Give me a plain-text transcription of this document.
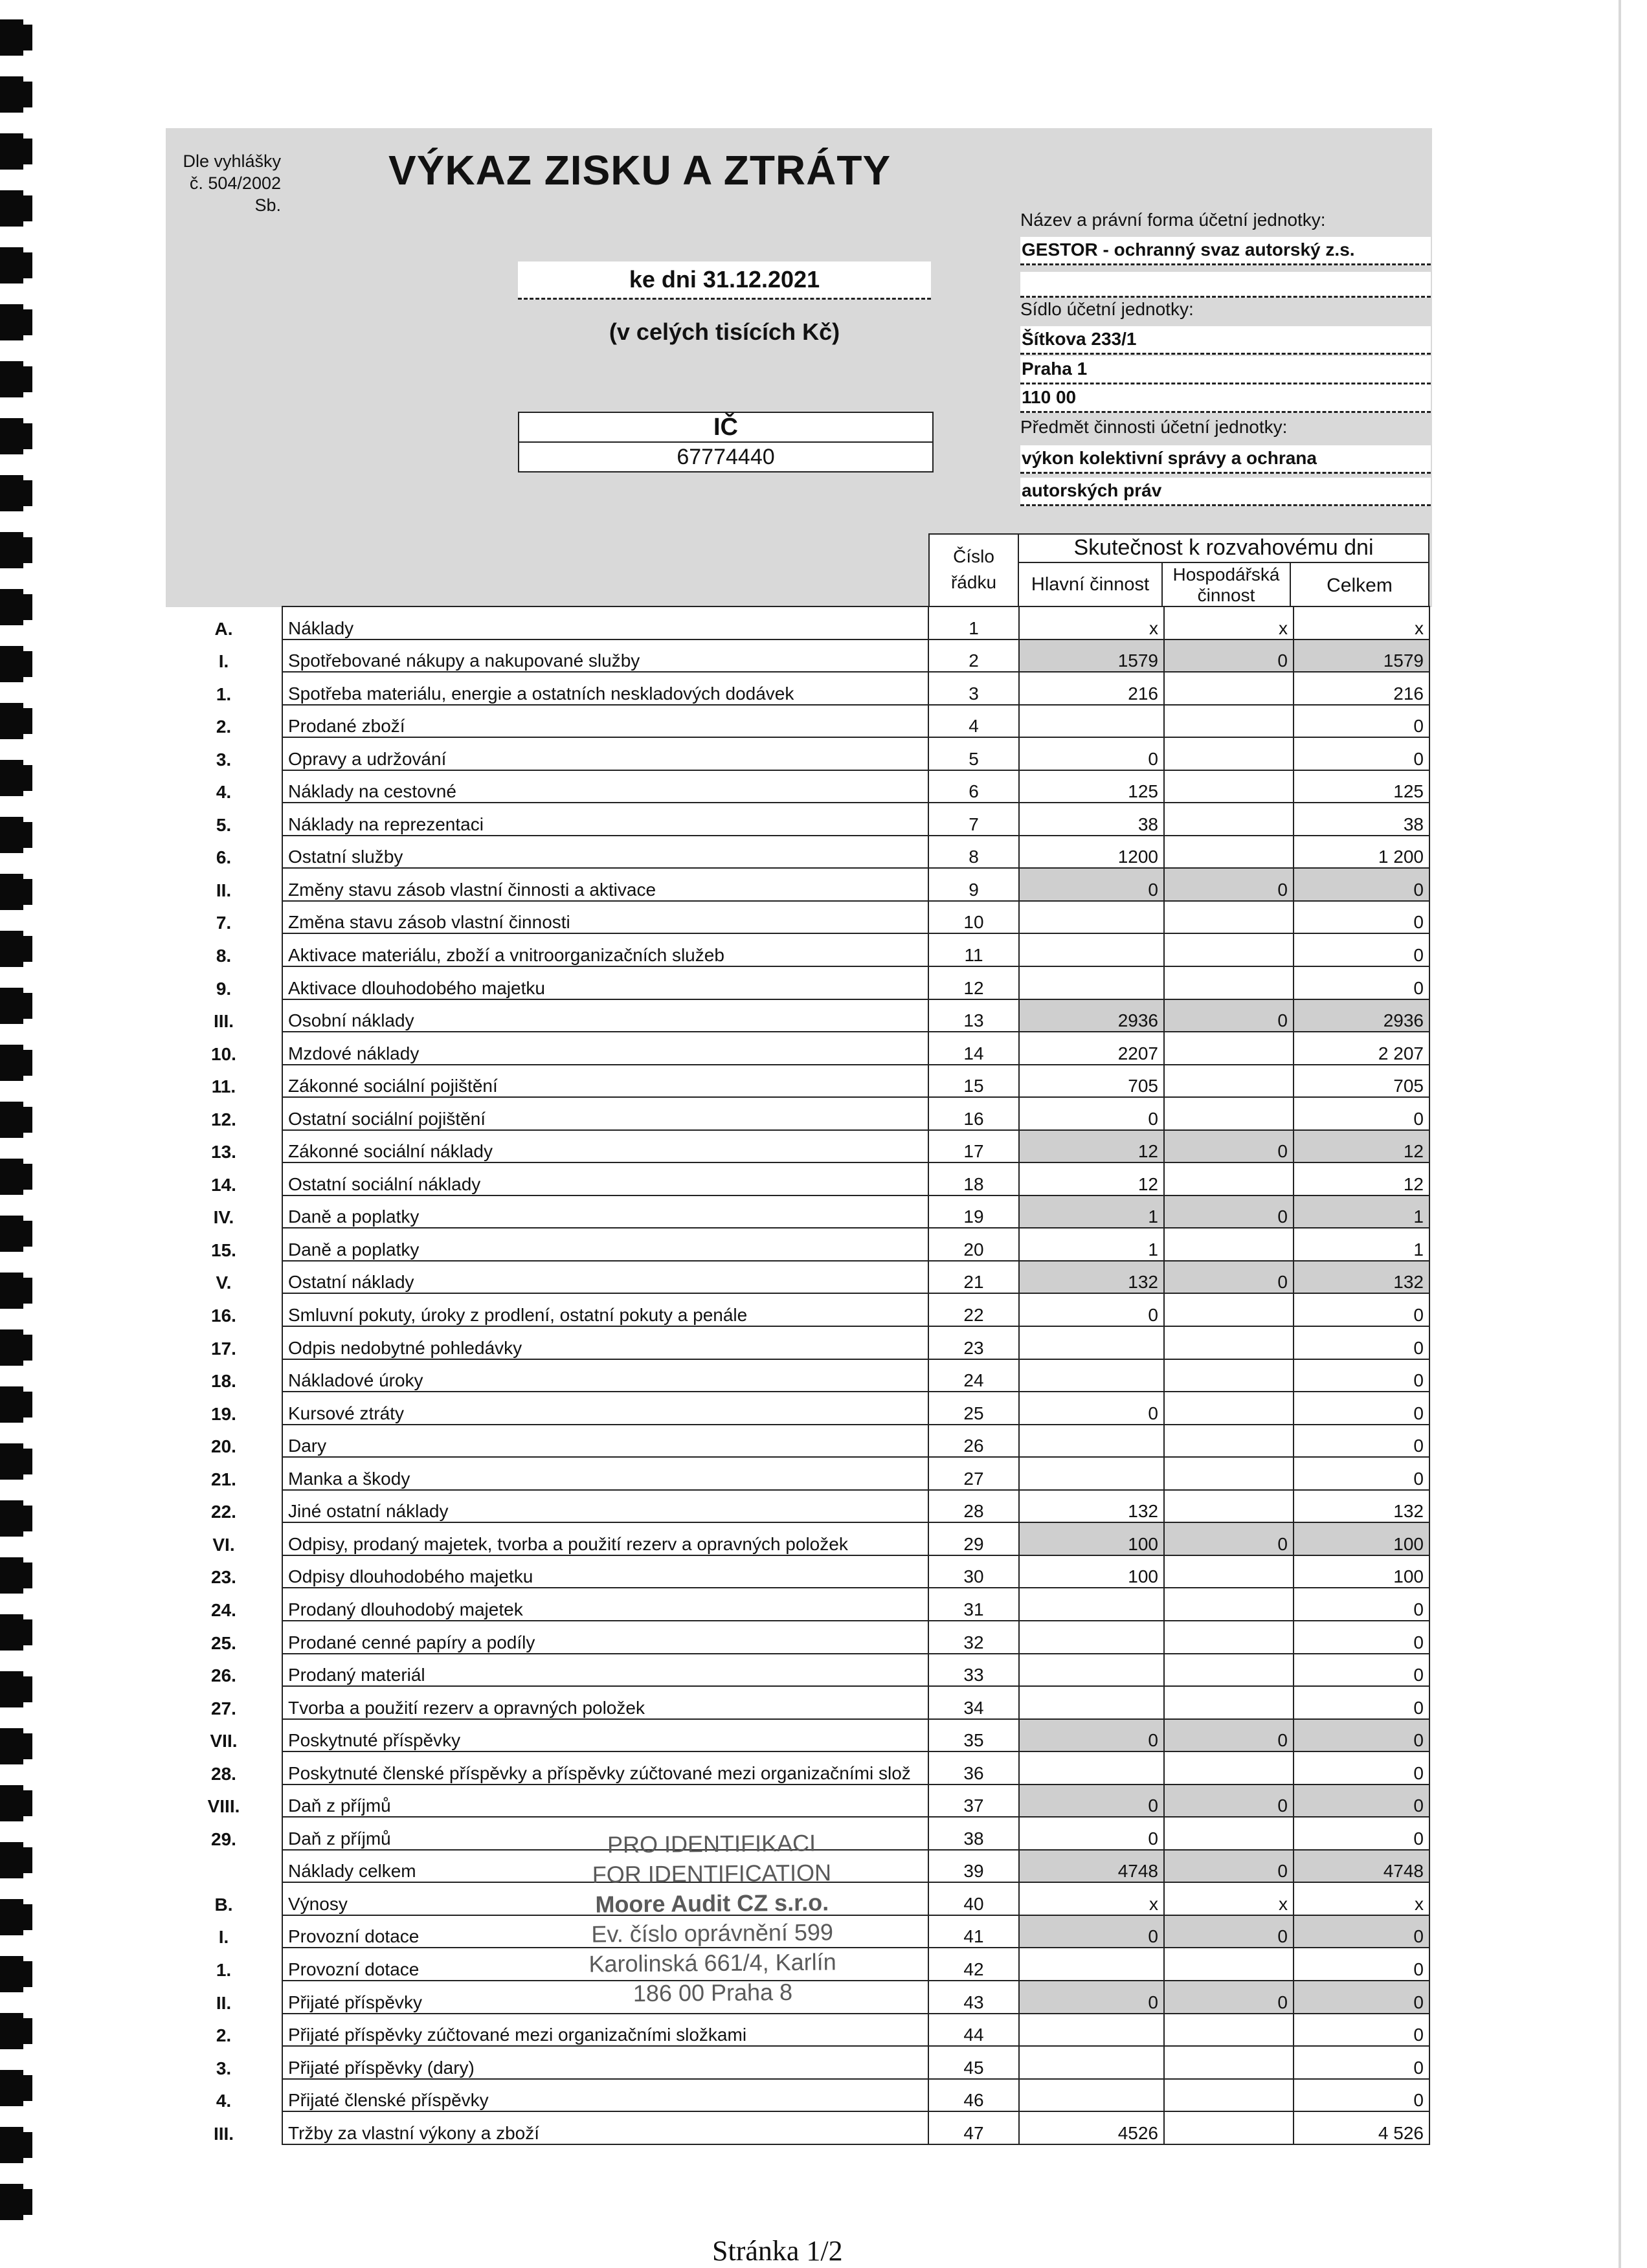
Dle vyhlášky
č. 504/2002
Sb.
VÝKAZ ZISKU A ZTRÁTY
ke dni 31.12.2021
(v celých tisících Kč)
IČ
67774440
Název a právní forma účetní jednotky:
GESTOR - ochranný svaz autorský z.s.
Sídlo účetní jednotky:
Šítkova 233/1
Praha 1
110 00
Předmět činnosti účetní jednotky:
výkon kolektivní správy a ochrana
autorských práv
Číslo řádku
Skutečnost k rozvahovému dni
Hlavní činnost	Hospodářská činnost	Celkem
A.	Náklady	1	x	x	x
I.	Spotřebované nákupy a nakupované služby	2	1579	0	1579
1.	Spotřeba materiálu, energie a ostatních neskladových dodávek	3	216		216
2.	Prodané zboží	4			0
3.	Opravy a udržování	5	0		0
4.	Náklady na cestovné	6	125		125
5.	Náklady na reprezentaci	7	38		38
6.	Ostatní služby	8	1200		1 200
II.	Změny stavu zásob vlastní činnosti a aktivace	9	0	0	0
7.	Změna stavu zásob vlastní činnosti	10			0
8.	Aktivace materiálu, zboží a vnitroorganizačních služeb	11			0
9.	Aktivace dlouhodobého majetku	12			0
III.	Osobní náklady	13	2936	0	2936
10.	Mzdové náklady	14	2207		2 207
11.	Zákonné sociální pojištění	15	705		705
12.	Ostatní sociální pojištění	16	0		0
13.	Zákonné sociální náklady	17	12	0	12
14.	Ostatní sociální náklady	18	12		12
IV.	Daně a poplatky	19	1	0	1
15.	Daně a poplatky	20	1		1
V.	Ostatní náklady	21	132	0	132
16.	Smluvní pokuty, úroky z prodlení, ostatní pokuty a penále	22	0		0
17.	Odpis nedobytné pohledávky	23			0
18.	Nákladové úroky	24			0
19.	Kursové ztráty	25	0		0
20.	Dary	26			0
21.	Manka a škody	27			0
22.	Jiné ostatní náklady	28	132		132
VI.	Odpisy, prodaný majetek, tvorba a použití rezerv a opravných položek	29	100	0	100
23.	Odpisy dlouhodobého majetku	30	100		100
24.	Prodaný dlouhodobý majetek	31			0
25.	Prodané cenné papíry a podíly	32			0
26.	Prodaný materiál	33			0
27.	Tvorba a použití rezerv a opravných položek	34			0
VII.	Poskytnuté příspěvky	35	0	0	0
28.	Poskytnuté členské příspěvky a příspěvky zúčtované mezi organizačními slož	36			0
VIII.	Daň z příjmů	37	0	0	0
29.	Daň z příjmů	38	0		0
	Náklady celkem	39	4748	0	4748
B.	Výnosy	40	x	x	x
I.	Provozní dotace	41	0	0	0
1.	Provozní dotace	42			0
II.	Přijaté příspěvky	43	0	0	0
2.	Přijaté příspěvky zúčtované mezi organizačními složkami	44			0
3.	Přijaté příspěvky (dary)	45			0
4.	Přijaté členské příspěvky	46			0
III.	Tržby za vlastní výkony a zboží	47	4526		4 526
PRO IDENTIFIKACI
FOR IDENTIFICATION
Moore Audit CZ s.r.o.
Ev. číslo oprávnění 599
Karolinská 661/4, Karlín
186 00 Praha 8
Stránka 1/2
